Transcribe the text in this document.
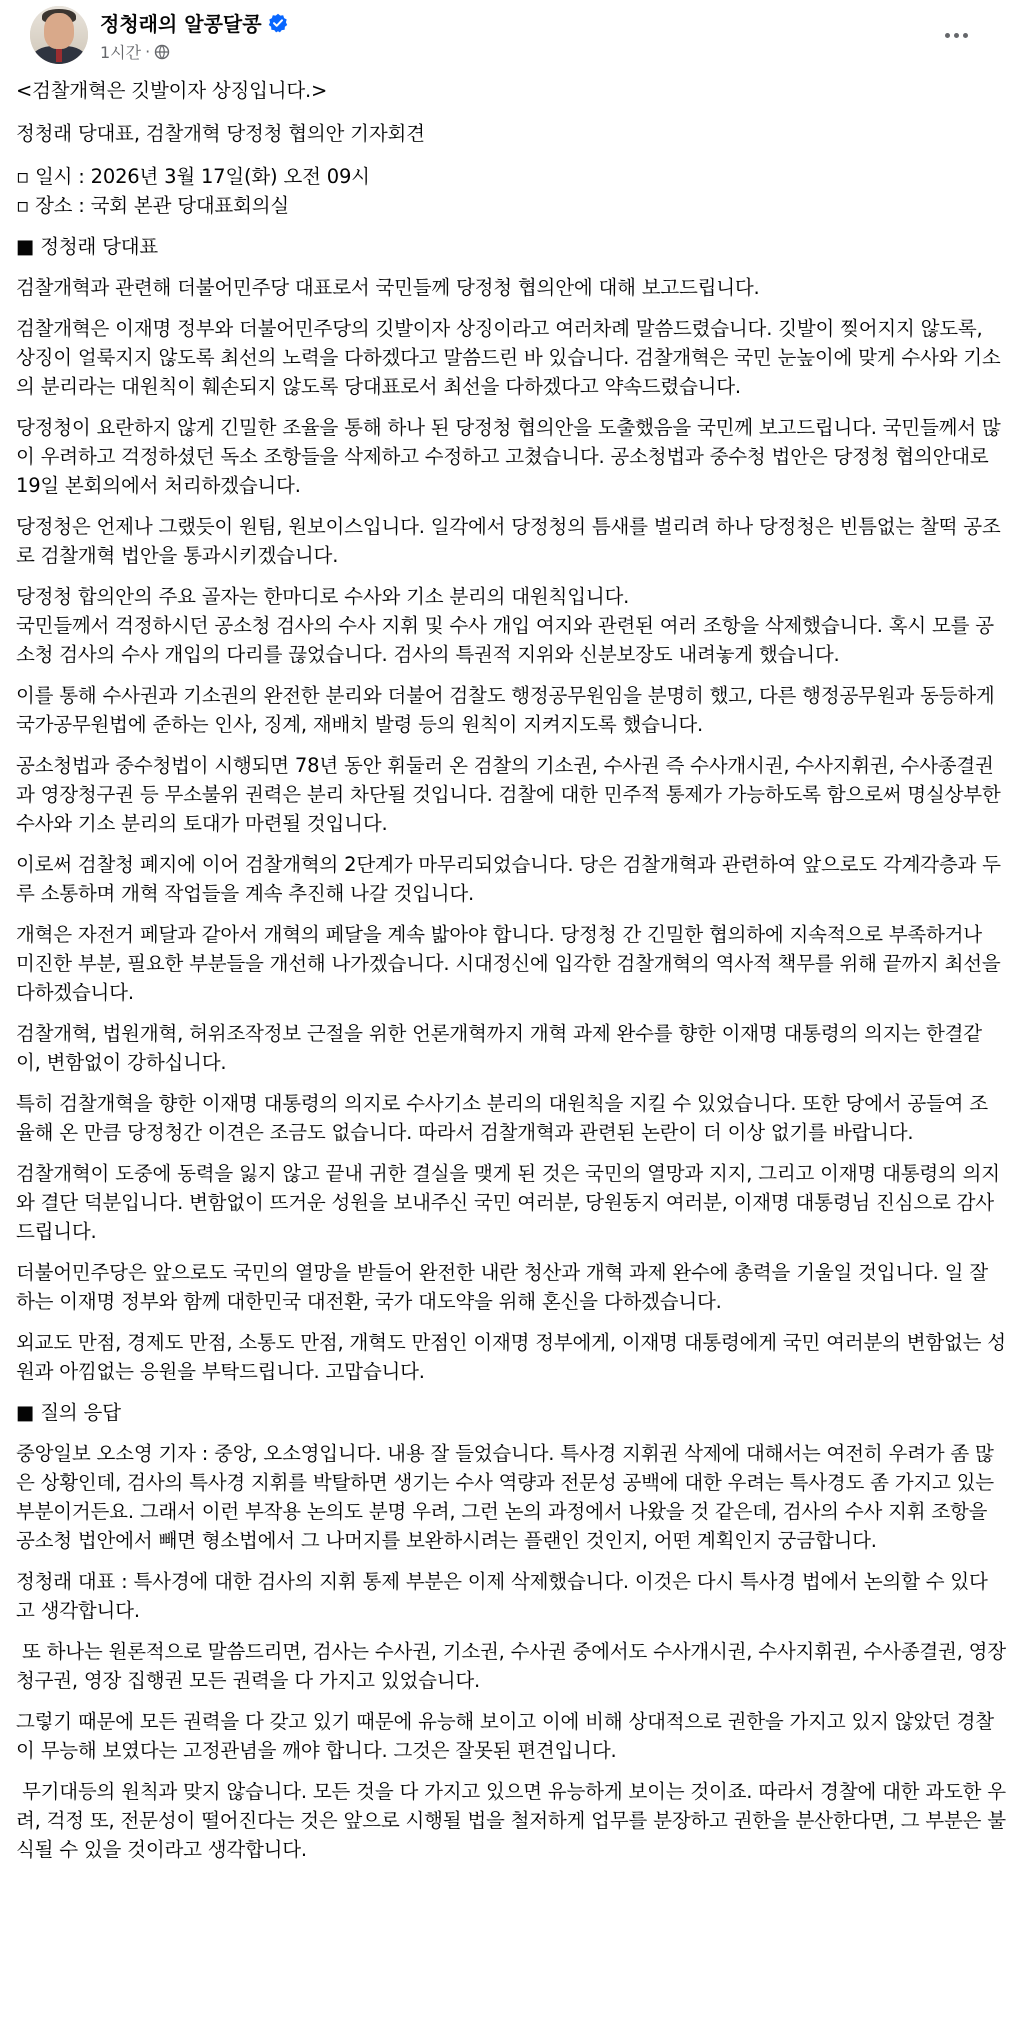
정청래의 알콩달콩
1시간 ·

<검찰개혁은 깃발이자 상징입니다.>

정청래 당대표, 검찰개혁 당정청 협의안 기자회견

▫︎ 일시 : 2026년 3월 17일(화) 오전 09시

▫︎ 장소 : 국회 본관 당대표회의실

■ 정청래 당대표

검찰개혁과 관련해 더불어민주당 대표로서 국민들께 당정청 협의안에 대해 보고드립니다.

검찰개혁은 이재명 정부와 더불어민주당의 깃발이자 상징이라고 여러차례 말씀드렸습니다. 깃발이 찢어지지 않도록, 상징이 얼룩지지 않도록 최선의 노력을 다하겠다고 말씀드린 바 있습니다. 검찰개혁은 국민 눈높이에 맞게 수사와 기소의 분리라는 대원칙이 훼손되지 않도록 당대표로서 최선을 다하겠다고 약속드렸습니다.

당정청이 요란하지 않게 긴밀한 조율을 통해 하나 된 당정청 협의안을 도출했음을 국민께 보고드립니다. 국민들께서 많이 우려하고 걱정하셨던 독소 조항들을 삭제하고 수정하고 고쳤습니다. 공소청법과 중수청 법안은 당정청 협의안대로 19일 본회의에서 처리하겠습니다.

당정청은 언제나 그랬듯이 원팀, 원보이스입니다. 일각에서 당정청의 틈새를 벌리려 하나 당정청은 빈틈없는 찰떡 공조로 검찰개혁 법안을 통과시키겠습니다.

당정청 합의안의 주요 골자는 한마디로 수사와 기소 분리의 대원칙입니다.

국민들께서 걱정하시던 공소청 검사의 수사 지휘 및 수사 개입 여지와 관련된 여러 조항을 삭제했습니다. 혹시 모를 공소청 검사의 수사 개입의 다리를 끊었습니다. 검사의 특권적 지위와 신분보장도 내려놓게 했습니다.

이를 통해 수사권과 기소권의 완전한 분리와 더불어 검찰도 행정공무원임을 분명히 했고, 다른 행정공무원과 동등하게 국가공무원법에 준하는 인사, 징계, 재배치 발령 등의 원칙이 지켜지도록 했습니다.

공소청법과 중수청법이 시행되면 78년 동안 휘둘러 온 검찰의 기소권, 수사권 즉 수사개시권, 수사지휘권, 수사종결권과 영장청구권 등 무소불위 권력은 분리 차단될 것입니다. 검찰에 대한 민주적 통제가 가능하도록 함으로써 명실상부한 수사와 기소 분리의 토대가 마련될 것입니다.

이로써 검찰청 폐지에 이어 검찰개혁의 2단계가 마무리되었습니다. 당은 검찰개혁과 관련하여 앞으로도 각계각층과 두루 소통하며 개혁 작업들을 계속 추진해 나갈 것입니다.

개혁은 자전거 페달과 같아서 개혁의 페달을 계속 밟아야 합니다. 당정청 간 긴밀한 협의하에 지속적으로 부족하거나 미진한 부분, 필요한 부분들을 개선해 나가겠습니다. 시대정신에 입각한 검찰개혁의 역사적 책무를 위해 끝까지 최선을 다하겠습니다.

검찰개혁, 법원개혁, 허위조작정보 근절을 위한 언론개혁까지 개혁 과제 완수를 향한 이재명 대통령의 의지는 한결같이, 변함없이 강하십니다.

특히 검찰개혁을 향한 이재명 대통령의 의지로 수사기소 분리의 대원칙을 지킬 수 있었습니다. 또한 당에서 공들여 조율해 온 만큼 당정청간 이견은 조금도 없습니다. 따라서 검찰개혁과 관련된 논란이 더 이상 없기를 바랍니다.

검찰개혁이 도중에 동력을 잃지 않고 끝내 귀한 결실을 맺게 된 것은 국민의 열망과 지지, 그리고 이재명 대통령의 의지와 결단 덕분입니다. 변함없이 뜨거운 성원을 보내주신 국민 여러분, 당원동지 여러분, 이재명 대통령님 진심으로 감사드립니다.

더불어민주당은 앞으로도 국민의 열망을 받들어 완전한 내란 청산과 개혁 과제 완수에 총력을 기울일 것입니다. 일 잘하는 이재명 정부와 함께 대한민국 대전환, 국가 대도약을 위해 혼신을 다하겠습니다.

외교도 만점, 경제도 만점, 소통도 만점, 개혁도 만점인 이재명 정부에게, 이재명 대통령에게 국민 여러분의 변함없는 성원과 아낌없는 응원을 부탁드립니다. 고맙습니다.

■ 질의 응답

중앙일보 오소영 기자 : 중앙, 오소영입니다. 내용 잘 들었습니다. 특사경 지휘권 삭제에 대해서는 여전히 우려가 좀 많은 상황인데, 검사의 특사경 지휘를 박탈하면 생기는 수사 역량과 전문성 공백에 대한 우려는 특사경도 좀 가지고 있는 부분이거든요. 그래서 이런 부작용 논의도 분명 우려, 그런 논의 과정에서 나왔을 것 같은데, 검사의 수사 지휘 조항을 공소청 법안에서 빼면 형소법에서 그 나머지를 보완하시려는 플랜인 것인지, 어떤 계획인지 궁금합니다.

정청래 대표 : 특사경에 대한 검사의 지휘 통제 부분은 이제 삭제했습니다. 이것은 다시 특사경 법에서 논의할 수 있다고 생각합니다.

또 하나는 원론적으로 말씀드리면, 검사는 수사권, 기소권, 수사권 중에서도 수사개시권, 수사지휘권, 수사종결권, 영장 청구권, 영장 집행권 모든 권력을 다 가지고 있었습니다.

그렇기 때문에 모든 권력을 다 갖고 있기 때문에 유능해 보이고 이에 비해 상대적으로 권한을 가지고 있지 않았던 경찰이 무능해 보였다는 고정관념을 깨야 합니다. 그것은 잘못된 편견입니다.

무기대등의 원칙과 맞지 않습니다. 모든 것을 다 가지고 있으면 유능하게 보이는 것이죠. 따라서 경찰에 대한 과도한 우려, 걱정 또, 전문성이 떨어진다는 것은 앞으로 시행될 법을 철저하게 업무를 분장하고 권한을 분산한다면, 그 부분은 불식될 수 있을 것이라고 생각합니다.
